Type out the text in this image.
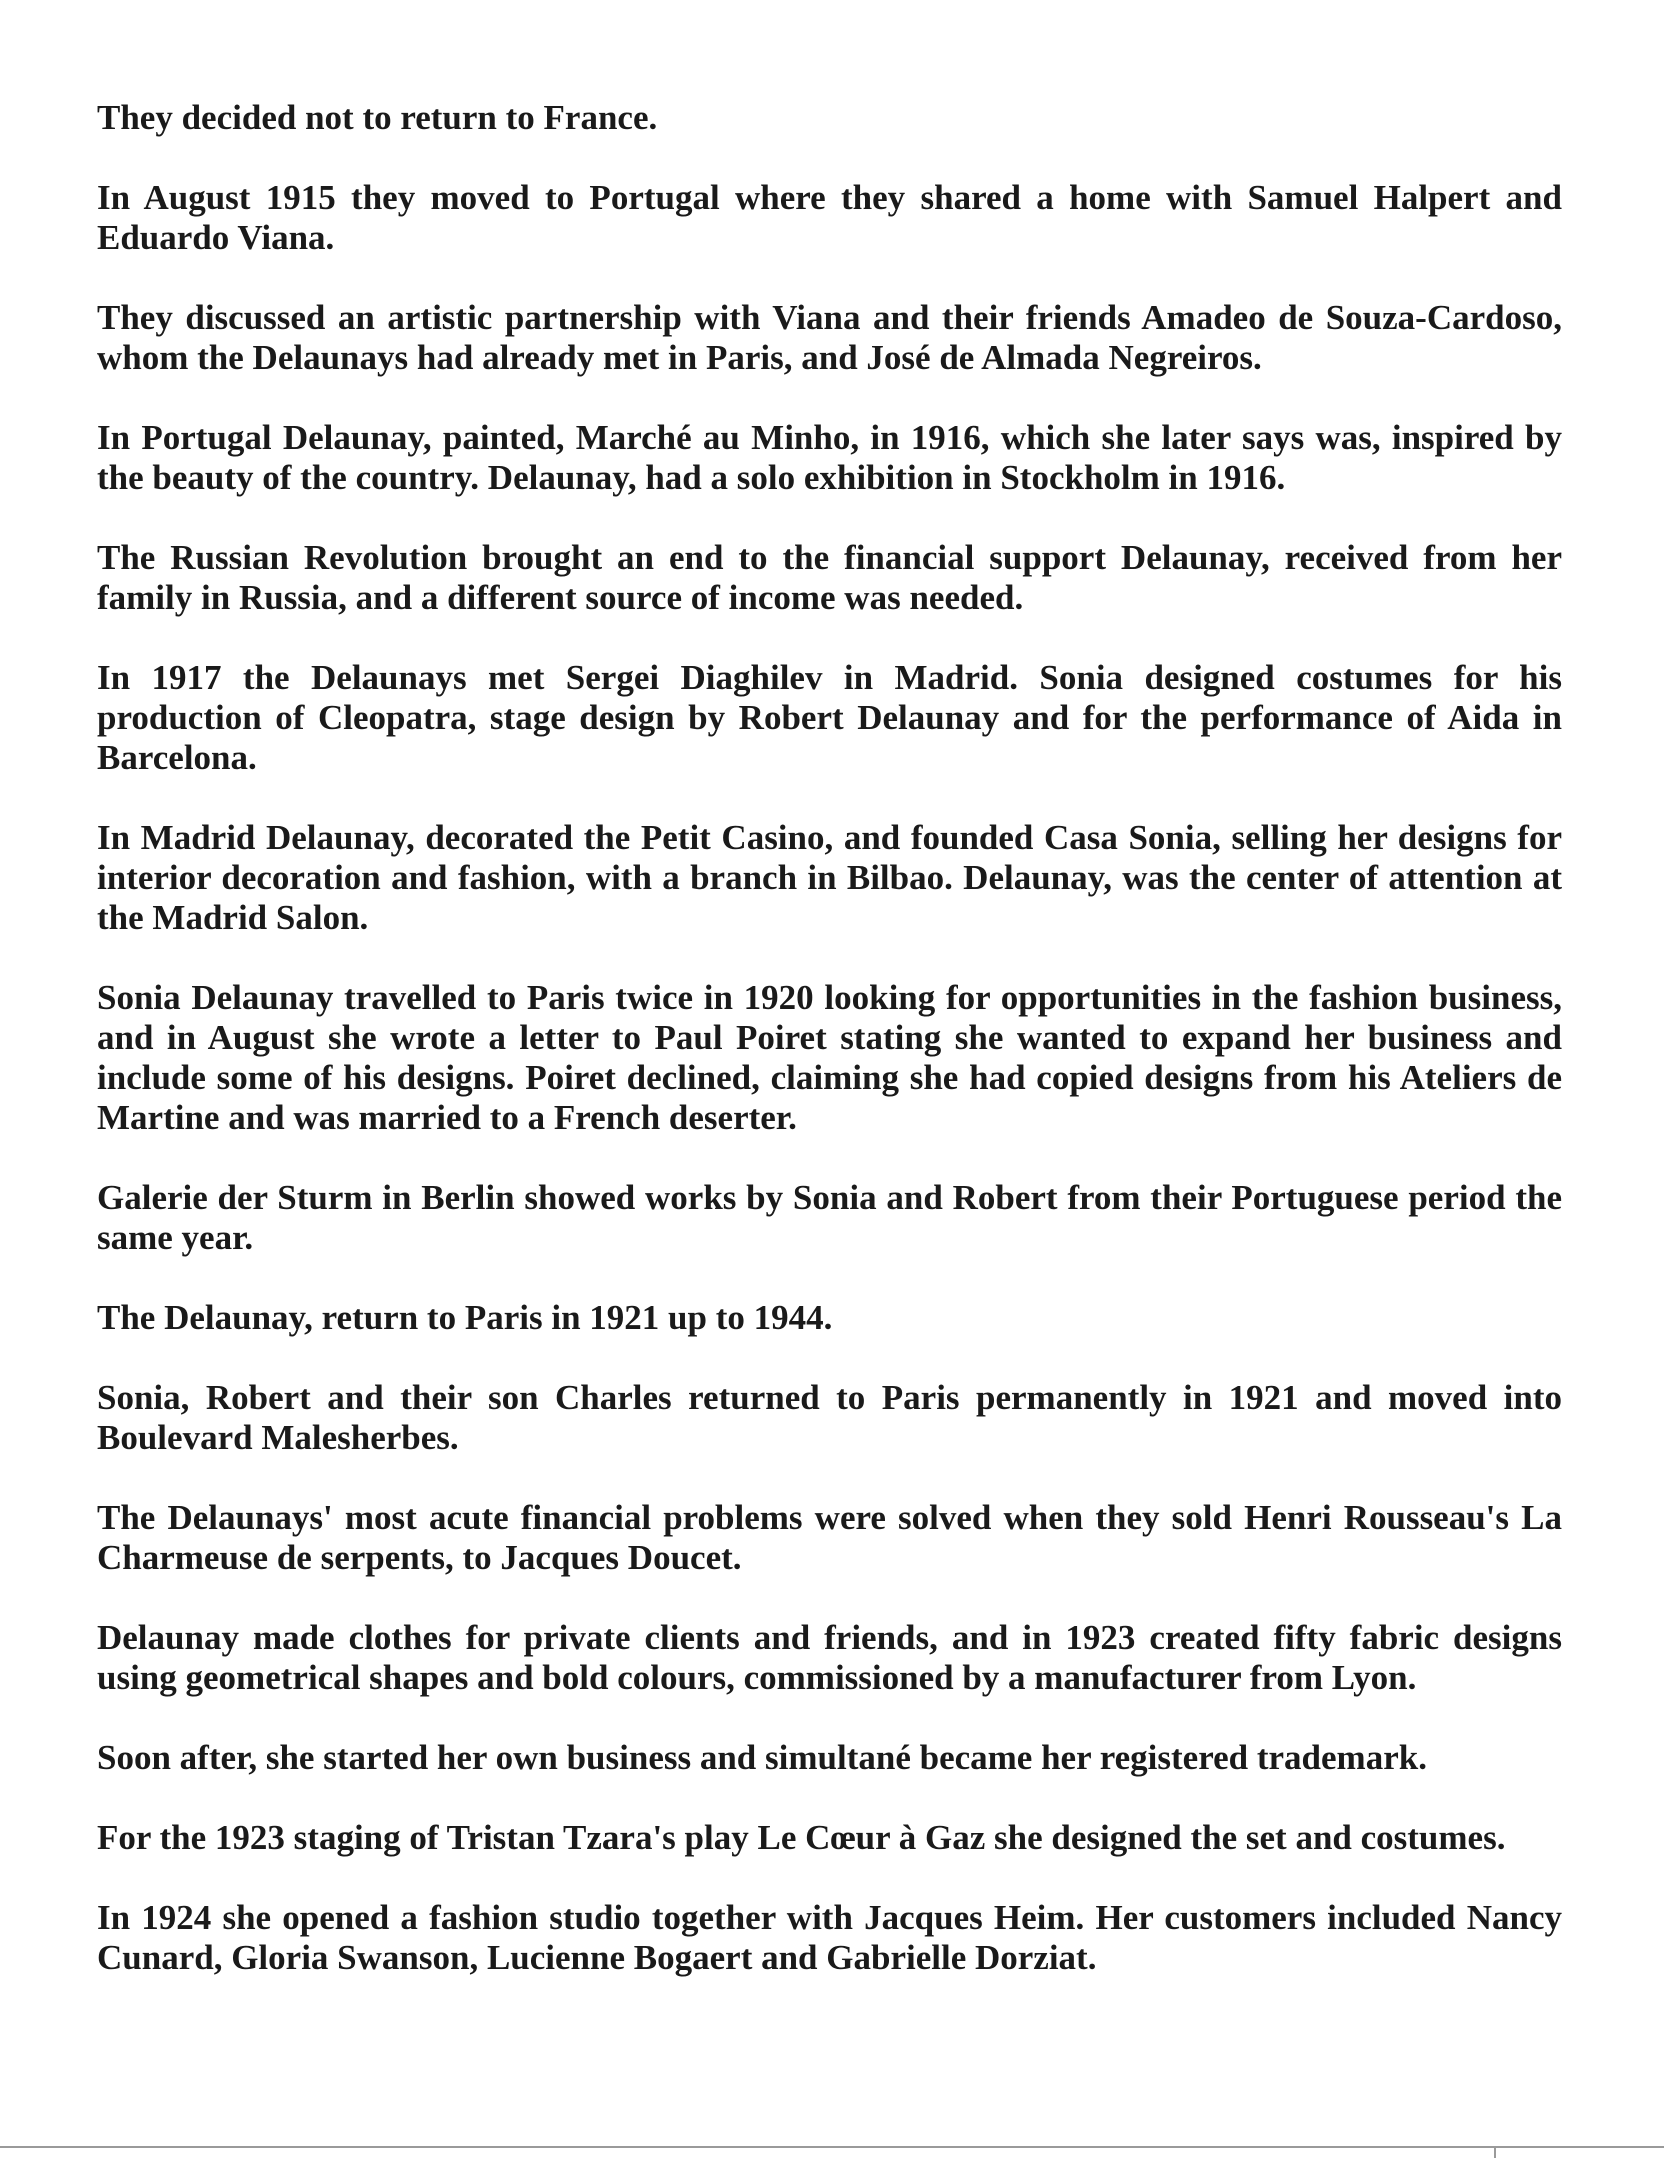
They decided not to return to France.

In August 1915 they moved to Portugal where they shared a home with Samuel Halpert and Eduardo Viana.

They discussed an artistic partnership with Viana and their friends Amadeo de Souza-Cardoso, whom the Delaunays had already met in Paris, and José de Almada Negreiros.

In Portugal Delaunay, painted, Marché au Minho, in 1916, which she later says was, inspired by the beauty of the country. Delaunay, had a solo exhibition in Stockholm in 1916.

The Russian Revolution brought an end to the financial support Delaunay, received from her family in Russia, and a different source of income was needed.

In 1917 the Delaunays met Sergei Diaghilev in Madrid. Sonia designed costumes for his production of Cleopatra, stage design by Robert Delaunay and for the performance of Aida in Barcelona.

In Madrid Delaunay, decorated the Petit Casino, and founded Casa Sonia, selling her designs for interior decoration and fashion, with a branch in Bilbao. Delaunay, was the center of attention at the Madrid Salon.

Sonia Delaunay travelled to Paris twice in 1920 looking for opportunities in the fashion business, and in August she wrote a letter to Paul Poiret stating she wanted to expand her business and include some of his designs. Poiret declined, claiming she had copied designs from his Ateliers de Martine and was married to a French deserter.

Galerie der Sturm in Berlin showed works by Sonia and Robert from their Portuguese period the same year.

The Delaunay, return to Paris in 1921 up to 1944.

Sonia, Robert and their son Charles returned to Paris permanently in 1921 and moved into Boulevard Malesherbes.

The Delaunays' most acute financial problems were solved when they sold Henri Rousseau's La Charmeuse de serpents, to Jacques Doucet.

Delaunay made clothes for private clients and friends, and in 1923 created fifty fabric designs using geometrical shapes and bold colours, commissioned by a manufacturer from Lyon.

Soon after, she started her own business and simultané became her registered trademark.

For the 1923 staging of Tristan Tzara's play Le Cœur à Gaz she designed the set and costumes.

In 1924 she opened a fashion studio together with Jacques Heim. Her customers included Nancy Cunard, Gloria Swanson, Lucienne Bogaert and Gabrielle Dorziat.
